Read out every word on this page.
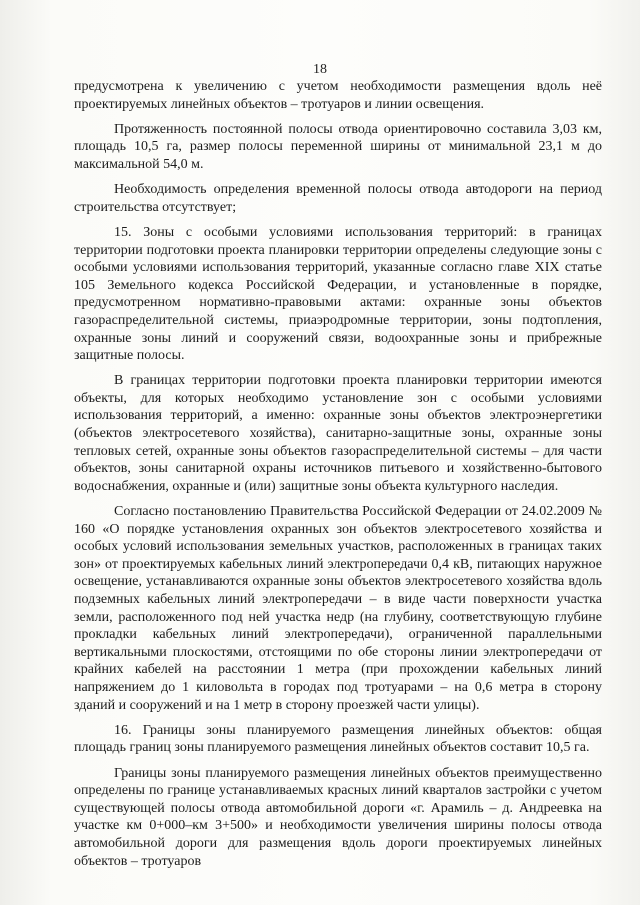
18

предусмотрена к увеличению с учетом необходимости размещения вдоль неё проектируемых линейных объектов – тротуаров и линии освещения.

Протяженность постоянной полосы отвода ориентировочно составила 3,03 км, площадь 10,5 га, размер полосы переменной ширины от минимальной 23,1 м до максимальной 54,0 м.

Необходимость определения временной полосы отвода автодороги на период строительства отсутствует;

15. Зоны с особыми условиями использования территорий: в границах территории подготовки проекта планировки территории определены следующие зоны с особыми условиями использования территорий, указанные согласно главе XIX статье 105 Земельного кодекса Российской Федерации, и установленные в порядке, предусмотренном нормативно-правовыми актами: охранные зоны объектов газораспределительной системы, приаэродромные территории, зоны подтопления, охранные зоны линий и сооружений связи, водоохранные зоны и прибрежные защитные полосы.

В границах территории подготовки проекта планировки территории имеются объекты, для которых необходимо установление зон с особыми условиями использования территорий, а именно: охранные зоны объектов электроэнергетики (объектов электросетевого хозяйства), санитарно-защитные зоны, охранные зоны тепловых сетей, охранные зоны объектов газораспределительной системы – для части объектов, зоны санитарной охраны источников питьевого и хозяйственно-бытового водоснабжения, охранные и (или) защитные зоны объекта культурного наследия.

Согласно постановлению Правительства Российской Федерации от 24.02.2009 № 160 «О порядке установления охранных зон объектов электросетевого хозяйства и особых условий использования земельных участков, расположенных в границах таких зон» от проектируемых кабельных линий электропередачи 0,4 кВ, питающих наружное освещение, устанавливаются охранные зоны объектов электросетевого хозяйства вдоль подземных кабельных линий электропередачи – в виде части поверхности участка земли, расположенного под ней участка недр (на глубину, соответствующую глубине прокладки кабельных линий электропередачи), ограниченной параллельными вертикальными плоскостями, отстоящими по обе стороны линии электропередачи от крайних кабелей на расстоянии 1 метра (при прохождении кабельных линий напряжением до 1 киловольта в городах под тротуарами – на 0,6 метра в сторону зданий и сооружений и на 1 метр в сторону проезжей части улицы).

16. Границы зоны планируемого размещения линейных объектов: общая площадь границ зоны планируемого размещения линейных объектов составит 10,5 га.

Границы зоны планируемого размещения линейных объектов преимущественно определены по границе устанавливаемых красных линий кварталов застройки с учетом существующей полосы отвода автомобильной дороги «г. Арамиль – д. Андреевка на участке км 0+000–км 3+500» и необходимости увеличения ширины полосы отвода автомобильной дороги для размещения вдоль дороги проектируемых линейных объектов – тротуаров
